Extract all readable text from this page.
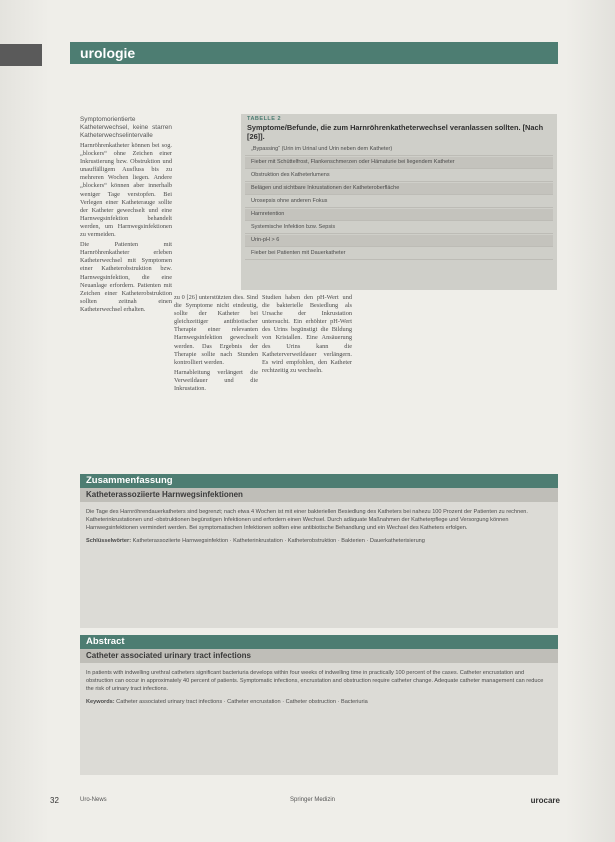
urologie
Symptomorientierte Katheterwechsel, keine starren Katheterwechselintervalle

Harnröhrenkatheter können bei sog. „blockers“ ohne Zeichen einer Inkrustierung bzw. Obstruktion und unauffälligem Ausfluss bis zu mehreren Wochen liegen. Andere „blockers“ können aber innerhalb weniger Tage verstopfen. Bei Verlegen einer Katheterauge sollte der Katheter gewechselt und eine Harnwegsinfektion behandelt werden, um Harnwegsinfektionen zu vermeiden.

Die Patienten mit Harnröhrenkatheter erleben Katheterwechsel mit Symptomen einer Katheterobstruktion bzw. Harnwegsinfektion, die eine Neuanlage erfordern. Patienten mit Zeichen einer Katheterobstruktion sollten zeitnah einen Katheterwechsel erhalten.

TABELLE 2
Symptome/Befunde, die zum Harnröhrenkatheterwechsel veranlassen sollten. [Nach [26]].
„Bypassing“ (Urin im Urinal und Urin neben dem Katheter)
Fieber mit Schüttelfrost, Flankenschmerzen oder Hämaturie bei liegendem Katheter
Obstruktion des Katheterlumens
Belägen und sichtbare Inkrustationen der Katheteroberfläche
Urosepsis ohne anderen Fokus
Harnretention
Systemische Infektion bzw. Sepsis
Urin-pH > 6
Fieber bei Patienten mit Dauerkatheter

zu 0 [26] unterstützten dies. Sind die Symptome nicht eindeutig, sollte der Katheter bei gleichzeitiger antibiotischer Therapie einer relevanten Harnwegsinfektion gewechselt werden. Das Ergebnis der Therapie sollte nach Stunden kontrolliert werden.

Harnableitung verlängert die Verweildauer und die Inkrustation.

Studien haben den pH-Wert und die bakterielle Besiedlung als Ursache der Inkrustation untersucht. Ein erhöhter pH-Wert des Urins begünstigt die Bildung von Kristallen. Eine Ansäuerung des Urins kann die Katheterverweildauer verlängern. Es wird empfohlen, den Katheter rechtzeitig zu wechseln.

Zusammenfassung
Katheterassoziierte Harnwegsinfektionen

Die Tage des Harnröhrendauerkatheters sind begrenzt; nach etwa 4 Wochen ist mit einer bakteriellen Besiedlung des Katheters bei nahezu 100 Prozent der Patienten zu rechnen. Katheterinkrustationen und -obstruktionen begünstigen Infektionen und erfordern einen Wechsel. Durch adäquate Maßnahmen der Katheterpflege und Versorgung können Harnwegsinfektionen vermindert werden. Bei symptomatischen Infektionen sollten eine antibiotische Behandlung und ein Wechsel des Katheters erfolgen.

Schlüsselwörter: Katheterassoziierte Harnwegsinfektion · Katheterinkrustation · Katheterobstruktion · Bakterien · Dauerkatheterisierung

Abstract
Catheter associated urinary tract infections

In patients with indwelling urethral catheters significant bacteriuria develops within four weeks of indwelling time in practically 100 percent of the cases. Catheter encrustation and obstruction can occur in approximately 40 percent of patients. Symptomatic infections, encrustation and obstruction require catheter change. Adequate catheter management can reduce the risk of urinary tract infections.

Keywords: Catheter associated urinary tract infections · Catheter encrustation · Catheter obstruction · Bacteriuria

32	Uro-News	Springer Medizin	urocare
